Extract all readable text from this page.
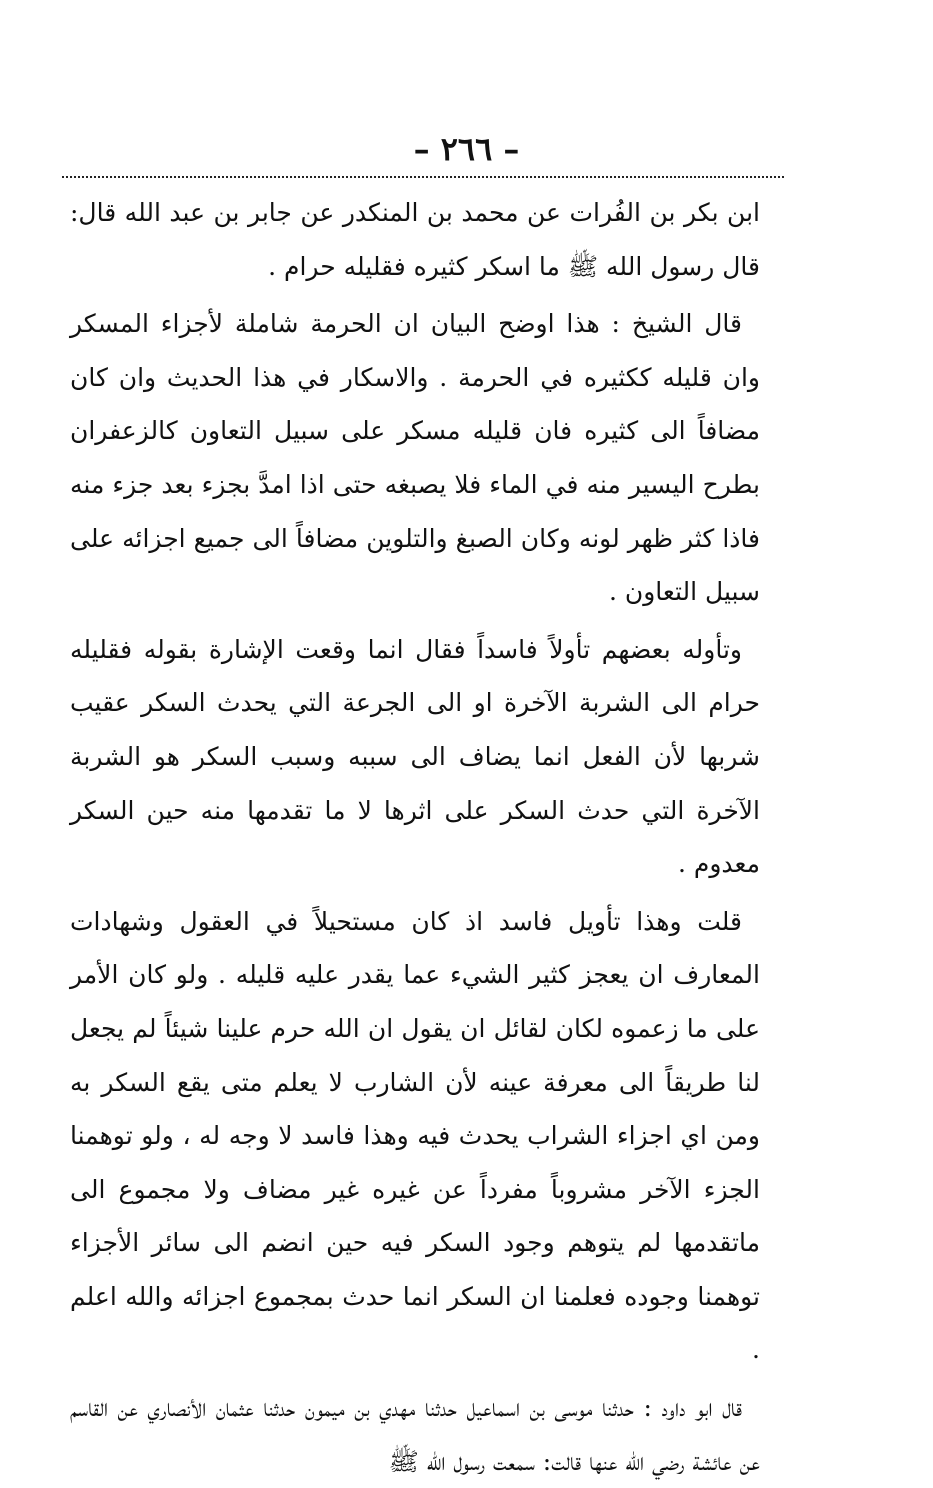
– ٢٦٦ –

ابن بكر بن الفُرات عن محمد بن المنكدر عن جابر بن عبد الله قال: قال رسول الله ﷺ ما اسكر كثيره فقليله حرام .

قال الشيخ : هذا اوضح البيان ان الحرمة شاملة لأجزاء المسكر وان قليله ككثيره في الحرمة . والاسكار في هذا الحديث وان كان مضافاً الى كثيره فان قليله مسكر على سبيل التعاون كالزعفران بطرح اليسير منه في الماء فلا يصبغه حتى اذا امدَّ بجزء بعد جزء منه فاذا كثر ظهر لونه وكان الصبغ والتلوين مضافاً الى جميع اجزائه على سبيل التعاون .

وتأوله بعضهم تأولاً فاسداً فقال انما وقعت الإشارة بقوله فقليله حرام الى الشربة الآخرة او الى الجرعة التي يحدث السكر عقيب شربها لأن الفعل انما يضاف الى سببه وسبب السكر هو الشربة الآخرة التي حدث السكر على اثرها لا ما تقدمها منه حين السكر معدوم .

قلت وهذا تأويل فاسد اذ كان مستحيلاً في العقول وشهادات المعارف ان يعجز كثير الشيء عما يقدر عليه قليله . ولو كان الأمر على ما زعموه لكان لقائل ان يقول ان الله حرم علينا شيئاً لم يجعل لنا طريقاً الى معرفة عينه لأن الشارب لا يعلم متى يقع السكر به ومن اي اجزاء الشراب يحدث فيه وهذا فاسد لا وجه له ، ولو توهمنا الجزء الآخر مشروباً مفرداً عن غيره غير مضاف ولا مجموع الى ماتقدمها لم يتوهم وجود السكر فيه حين انضم الى سائر الأجزاء توهمنا وجوده فعلمنا ان السكر انما حدث بمجموع اجزائه والله اعلم .

قال ابو داود : حدثنا موسى بن اسماعيل حدثنا مهدي بن ميمون حدثنا عثمان الأنصاري عن القاسم عن عائشة رضي الله عنها قالت: سمعت رسول الله ﷺ
